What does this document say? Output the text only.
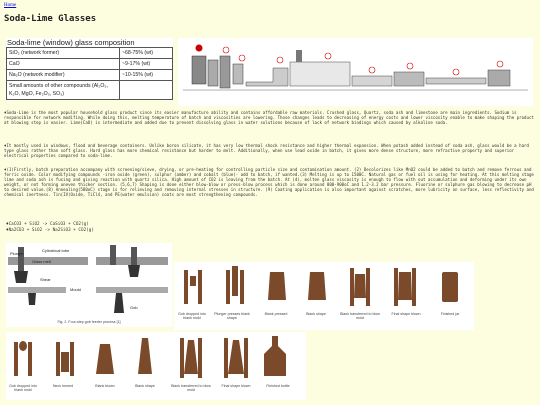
Home
Soda-Lime Glasses
Soda-lime (window) glass composition
SiO₂ (network former)	~68-75% (wt)
CaO	~9-17% (wt)
Na₂O (network modifier)	~10-15% (wt)
Small amounts of other compounds (Al₂O₃, K₂O, MgO, Fe₂O₃, SO₃)	
♦Soda-Lime is the most popular household glass product since its easier manufacture ability and contains affordable raw materials. Crushed glass, Quartz, soda ash and limestone are main ingredients. Sodium is responsible for network modifing. While doing this, melting temperature of batch and viscosities are lowering. Those changes leads to decreasing of energy costs and lower viscosity enable to make shaping the product at blowing step is easier. Lime(CaO) is intermediate and added due to prevent dissolving glass in water solutions because of lack of network bindings which caused by alkaline soda.
♦It mostly used in windows, flood and beverage containers. Unlike boron silicate, it has very low thermal shock resistance and higher thermal expansion. When potash added instead of soda ash, glass would be a hard type glass rather than soft glass. Hard glass has more chemical resistance but harder to melt. Additionally, when use lead oxide in batch, it gives more dense structure, more refractive property and superior electrical properties compared to soda-lime.
♦(1)Firstly, batch preparation accompany with screening/sieve, drying, or pre-heating for controlling particle size and contamination amount. (2) Decolorizes like MnO2 could be added to batch and remove ferrous and ferric oxide. Color modifying compounds -iron oxide (green), sulphur (amber) and cobalt (blue)- add to batch, if wanted.(3) Melting is up to 1500C. Natural gas or fuel oil is using for heating. At this melting stage lime and soda ash is fusing and giving reaction with quartz silica. High amount of CO2 is leaving from the batch. At (4), molten glass viscosity is enough to flow with out accumulation and deforming under its own weight, or not forming uneven thicker section. (5,6,7) Shaping is done either blow-blow or press-blow process which is done around 800-900oC and 1.2-3.2 bar pressure. Fluorine or sulphure gas blowing to decrease pH to desired value.(8) Annealing(580oC) stage is for relieving and removing internal stresses in structure. (9) Coating application is also important against scratches, more lubricity on surface, less reflectivity and chemical inertness. Tin(IV)Oxide, TiCl4, and PE(water emulsion) coats are most strengthening compounds.
♦CaCO3 + SiO2 -> CaSiO3 + CO2(g)
♦Na2CO3 + SiO2 -> Na2SiO3 + CO2(g)
Plunger
Cylindrical tube
Glass melt
Shear
Mould
Gob
Fig. 2. Four-step gob feeder process [1]
Gob dropped into blank mold
Plunger presses blank shape
Blank pressed	Blank shape	Blank transferred to blow mold
Final shape blown	Finished jar
Gob dropped into blank mold
Neck formed	Blank blown	Blank shape	Blank transferred to blow mold
Final shape blown	Finished bottle
